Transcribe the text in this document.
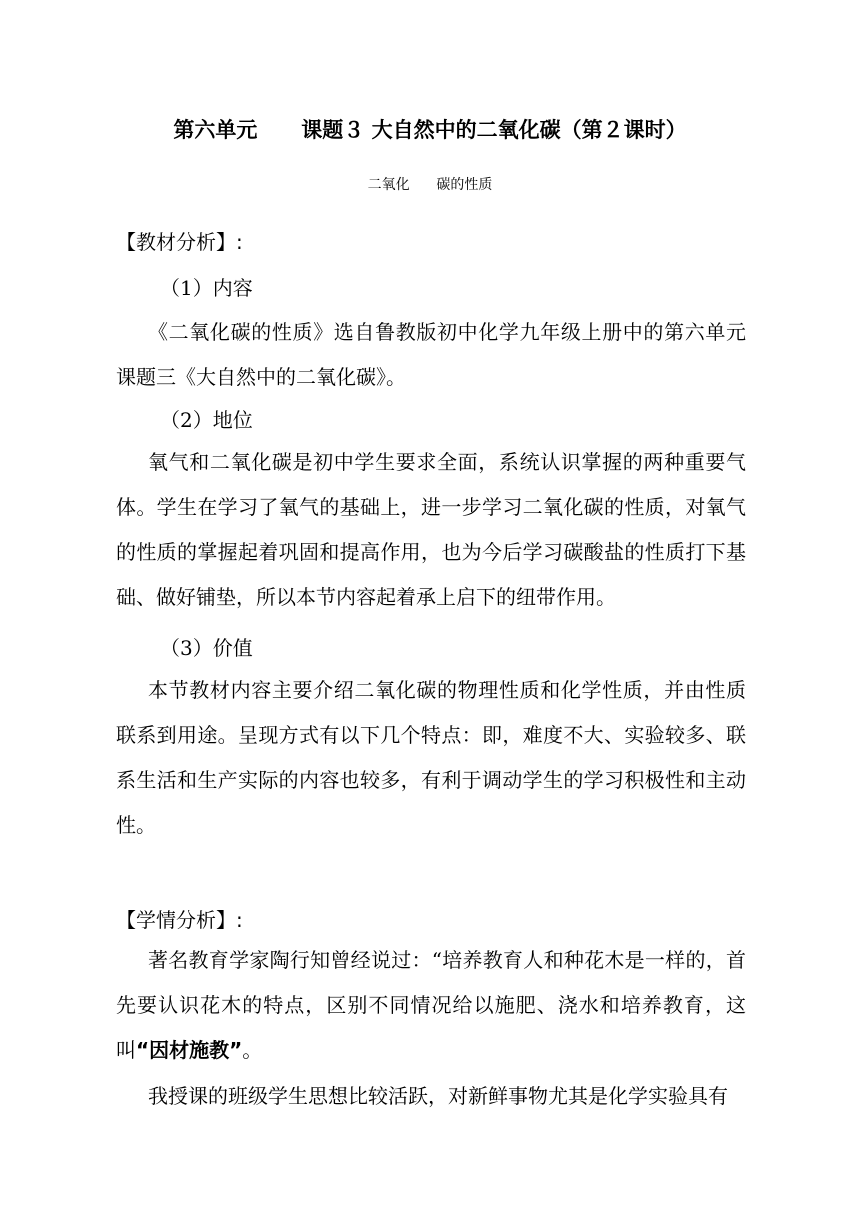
第六单元      课题３ 大自然中的二氧化碳（第２课时）
二氧化      碳的性质
【教材分析】:
（1）内容
《二氧化碳的性质》选自鲁教版初中化学九年级上册中的第六单元课题三《大自然中的二氧化碳》。
（2）地位
氧气和二氧化碳是初中学生要求全面，系统认识掌握的两种重要气体。学生在学习了氧气的基础上，进一步学习二氧化碳的性质，对氧气的性质的掌握起着巩固和提高作用，也为今后学习碳酸盐的性质打下基础、做好铺垫，所以本节内容起着承上启下的纽带作用。
（3）价值
本节教材内容主要介绍二氧化碳的物理性质和化学性质，并由性质联系到用途。呈现方式有以下几个特点：即，难度不大、实验较多、联系生活和生产实际的内容也较多，有利于调动学生的学习积极性和主动性。
【学情分析】:
著名教育学家陶行知曾经说过：“培养教育人和种花木是一样的，首先要认识花木的特点，区别不同情况给以施肥、浇水和培养教育，这叫“因材施教”。
我授课的班级学生思想比较活跃，对新鲜事物尤其是化学实验具有
